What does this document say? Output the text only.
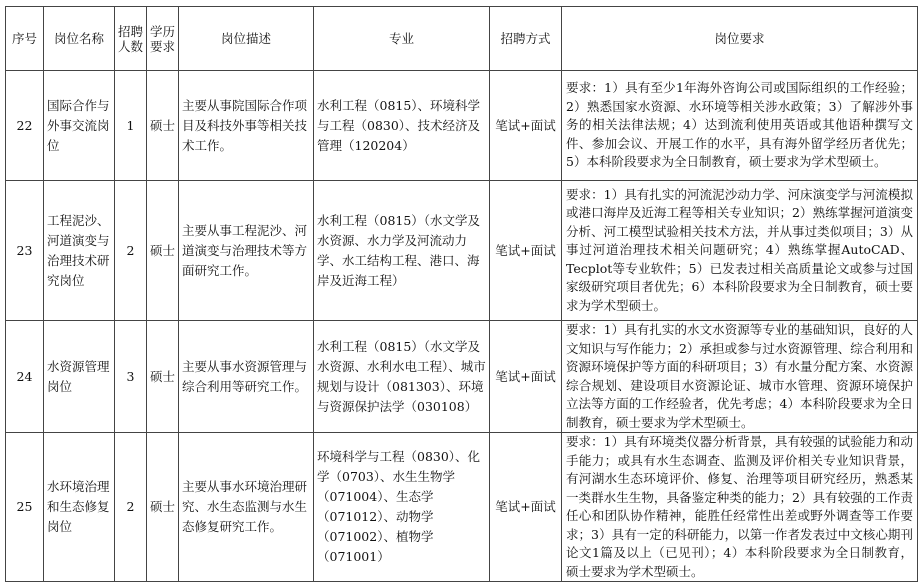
序号	岗位名称	招聘人数	学历要求	岗位描述	专业	招聘方式	岗位要求
22	国际合作与外事交流岗位	1	硕士	主要从事院国际合作项目及科技外事等相关技术工作。	水利工程（0815）、环境科学与工程（0830）、技术经济及管理（120204）	笔试+面试	要求：1）具有至少1年海外咨询公司或国际组织的工作经验；2）熟悉国家水资源、水环境等相关涉水政策；3）了解涉外事务的相关法律法规；4）达到流利使用英语或其他语种撰写文件、参加会议、开展工作的水平，具有海外留学经历者优先；5）本科阶段要求为全日制教育，硕士要求为学术型硕士。
23	工程泥沙、河道演变与治理技术研究岗位	2	硕士	主要从事工程泥沙、河道演变与治理技术等方面研究工作。	水利工程（0815）（水文学及水资源、水力学及河流动力学、水工结构工程、港口、海岸及近海工程）	笔试+面试	要求：1）具有扎实的河流泥沙动力学、河床演变学与河流模拟或港口海岸及近海工程等相关专业知识；2）熟练掌握河道演变分析、河工模型试验相关技术方法，并从事过类似项目；3）从事过河道治理技术相关问题研究；4）熟练掌握AutoCAD、Tecplot等专业软件；5）已发表过相关高质量论文或参与过国家级研究项目者优先；6）本科阶段要求为全日制教育，硕士要求为学术型硕士。
24	水资源管理岗位	3	硕士	主要从事水资源管理与综合利用等研究工作。	水利工程（0815）（水文学及水资源、水利水电工程）、城市规划与设计（081303）、环境与资源保护法学（030108）	笔试+面试	要求：1）具有扎实的水文水资源等专业的基础知识，良好的人文知识与写作能力；2）承担或参与过水资源管理、综合利用和资源环境保护等方面的科研项目；3）有水量分配方案、水资源综合规划、建设项目水资源论证、城市水管理、资源环境保护立法等方面的工作经验者，优先考虑；4）本科阶段要求为全日制教育，硕士要求为学术型硕士。
25	水环境治理和生态修复岗位	2	硕士	主要从事水环境治理研究、水生态监测与水生态修复研究工作。	环境科学与工程（0830）、化学（0703）、水生生物学（071004）、生态学（071012）、动物学（071002）、植物学（071001）	笔试+面试	要求：1）具有环境类仪器分析背景，具有较强的试验能力和动手能力；或具有水生态调查、监测及评价相关专业知识背景，有河湖水生态环境评价、修复、治理等项目研究经历，熟悉某一类群水生生物，具备鉴定种类的能力；2）具有较强的工作责任心和团队协作精神，能胜任经常性出差或野外调查等工作要求；3）具有一定的科研能力，以第一作者发表过中文核心期刊论文1篇及以上（已见刊）；4）本科阶段要求为全日制教育，硕士要求为学术型硕士。
